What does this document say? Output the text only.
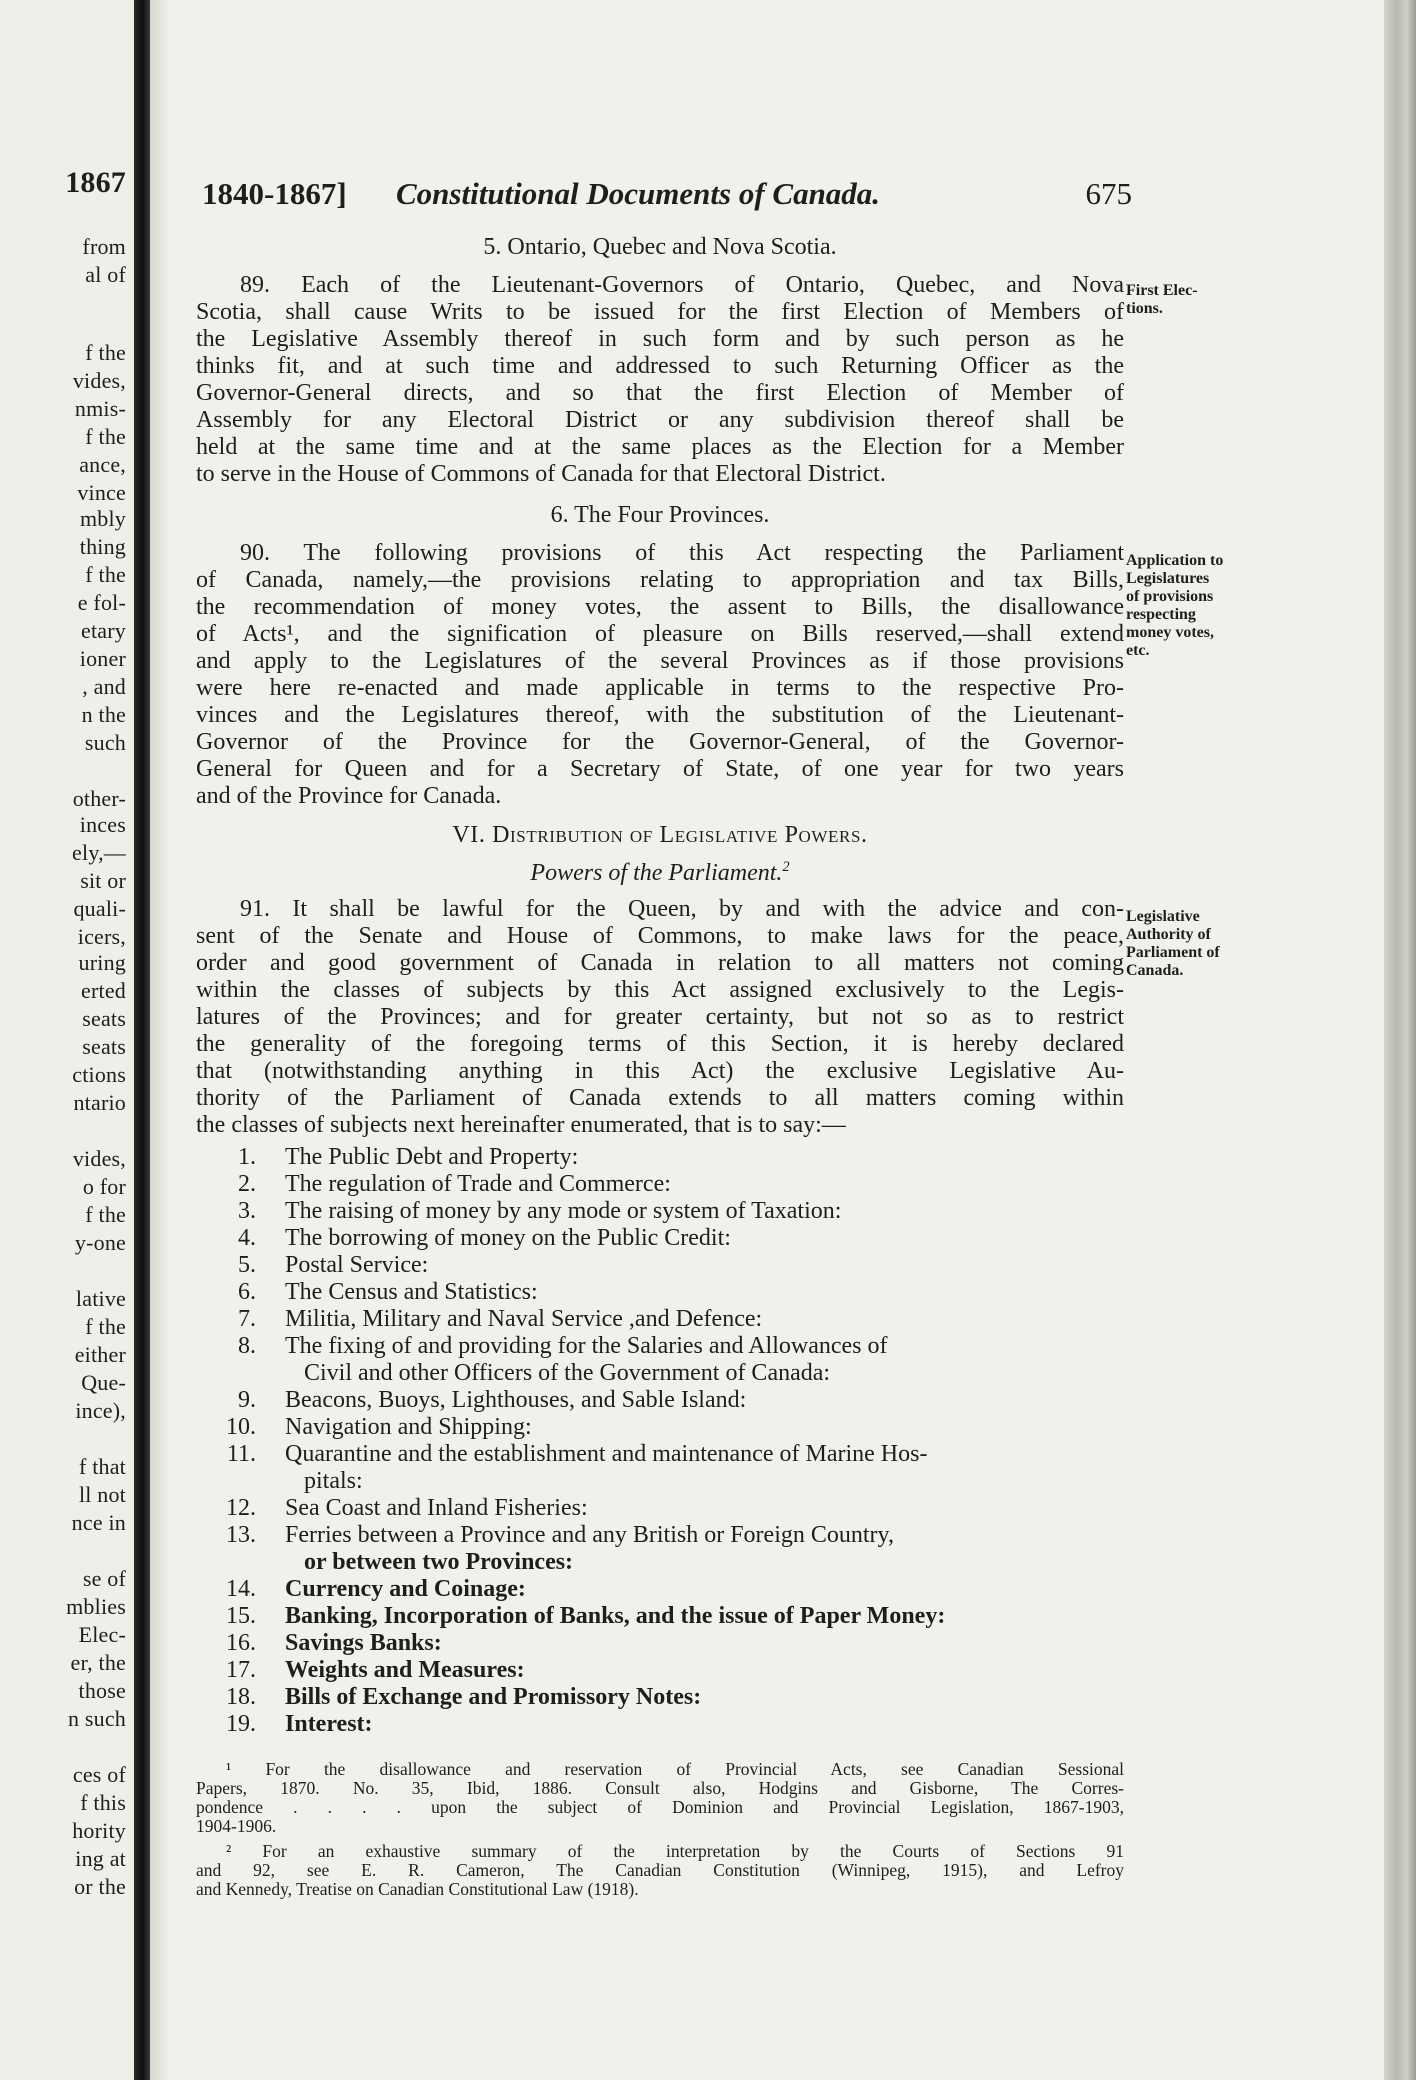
1867
from
al of
f the
vides,
nmis-
f the
ance,
vince
mbly
thing
f the
e fol-
etary
ioner
, and
n the
such
other-
inces
ely,—
sit or
quali-
icers,
uring
erted
seats
seats
ctions
ntario
vides,
o for
f the
y-one
lative
f the
either
Que-
ince),
f that
ll not
nce in
se of
mblies
Elec-
er, the
those
n such
ces of
f this
hority
ing at
or the
1840-1867] Constitutional Documents of Canada.	675
5. Ontario, Quebec and Nova Scotia.
89. Each of the Lieutenant-Governors of Ontario, Quebec, and Nova
Scotia, shall cause Writs to be issued for the first Election of Members of
the Legislative Assembly thereof in such form and by such person as he
thinks fit, and at such time and addressed to such Returning Officer as the
Governor-General directs, and so that the first Election of Member of
Assembly for any Electoral District or any subdivision thereof shall be
held at the same time and at the same places as the Election for a Member
to serve in the House of Commons of Canada for that Electoral District.
6. The Four Provinces.
90. The following provisions of this Act respecting the Parliament
of Canada, namely,—the provisions relating to appropriation and tax Bills,
the recommendation of money votes, the assent to Bills, the disallowance
of Acts¹, and the signification of pleasure on Bills reserved,—shall extend
and apply to the Legislatures of the several Provinces as if those provisions
were here re-enacted and made applicable in terms to the respective Pro-
vinces and the Legislatures thereof, with the substitution of the Lieutenant-
Governor of the Province for the Governor-General, of the Governor-
General for Queen and for a Secretary of State, of one year for two years
and of the Province for Canada.
VI. Distribution of Legislative Powers.
Powers of the Parliament.$^2$
91. It shall be lawful for the Queen, by and with the advice and con-
sent of the Senate and House of Commons, to make laws for the peace,
order and good government of Canada in relation to all matters not coming
within the classes of subjects by this Act assigned exclusively to the Legis-
latures of the Provinces; and for greater certainty, but not so as to restrict
the generality of the foregoing terms of this Section, it is hereby declared
that (notwithstanding anything in this Act) the exclusive Legislative Au-
thority of the Parliament of Canada extends to all matters coming within
the classes of subjects next hereinafter enumerated, that is to say:—
1. The Public Debt and Property:
2. The regulation of Trade and Commerce:
3. The raising of money by any mode or system of Taxation:
4. The borrowing of money on the Public Credit:
5. Postal Service:
6. The Census and Statistics:
7. Militia, Military and Naval Service ,and Defence:
8. The fixing of and providing for the Salaries and Allowances of
Civil and other Officers of the Government of Canada:
9. Beacons, Buoys, Lighthouses, and Sable Island:
10. Navigation and Shipping:
11. Quarantine and the establishment and maintenance of Marine Hos-
pitals:
12. Sea Coast and Inland Fisheries:
13. Ferries between a Province and any British or Foreign Country,
or between two Provinces:
14. Currency and Coinage:
15. Banking, Incorporation of Banks, and the issue of Paper Money:
16. Savings Banks:
17. Weights and Measures:
18. Bills of Exchange and Promissory Notes:
19. Interest:
First Elec-
tions.
Application to
Legislatures
of provisions
respecting
money votes,
etc.
Legislative
Authority of
Parliament of
Canada.
¹ For the disallowance and reservation of Provincial Acts, see Canadian Sessional
Papers, 1870. No. 35, Ibid, 1886. Consult also, Hodgins and Gisborne, The Corres-
pondence . . . . upon the subject of Dominion and Provincial Legislation, 1867-1903,
1904-1906.
² For an exhaustive summary of the interpretation by the Courts of Sections 91
and 92, see E. R. Cameron, The Canadian Constitution (Winnipeg, 1915), and Lefroy
and Kennedy, Treatise on Canadian Constitutional Law (1918).
